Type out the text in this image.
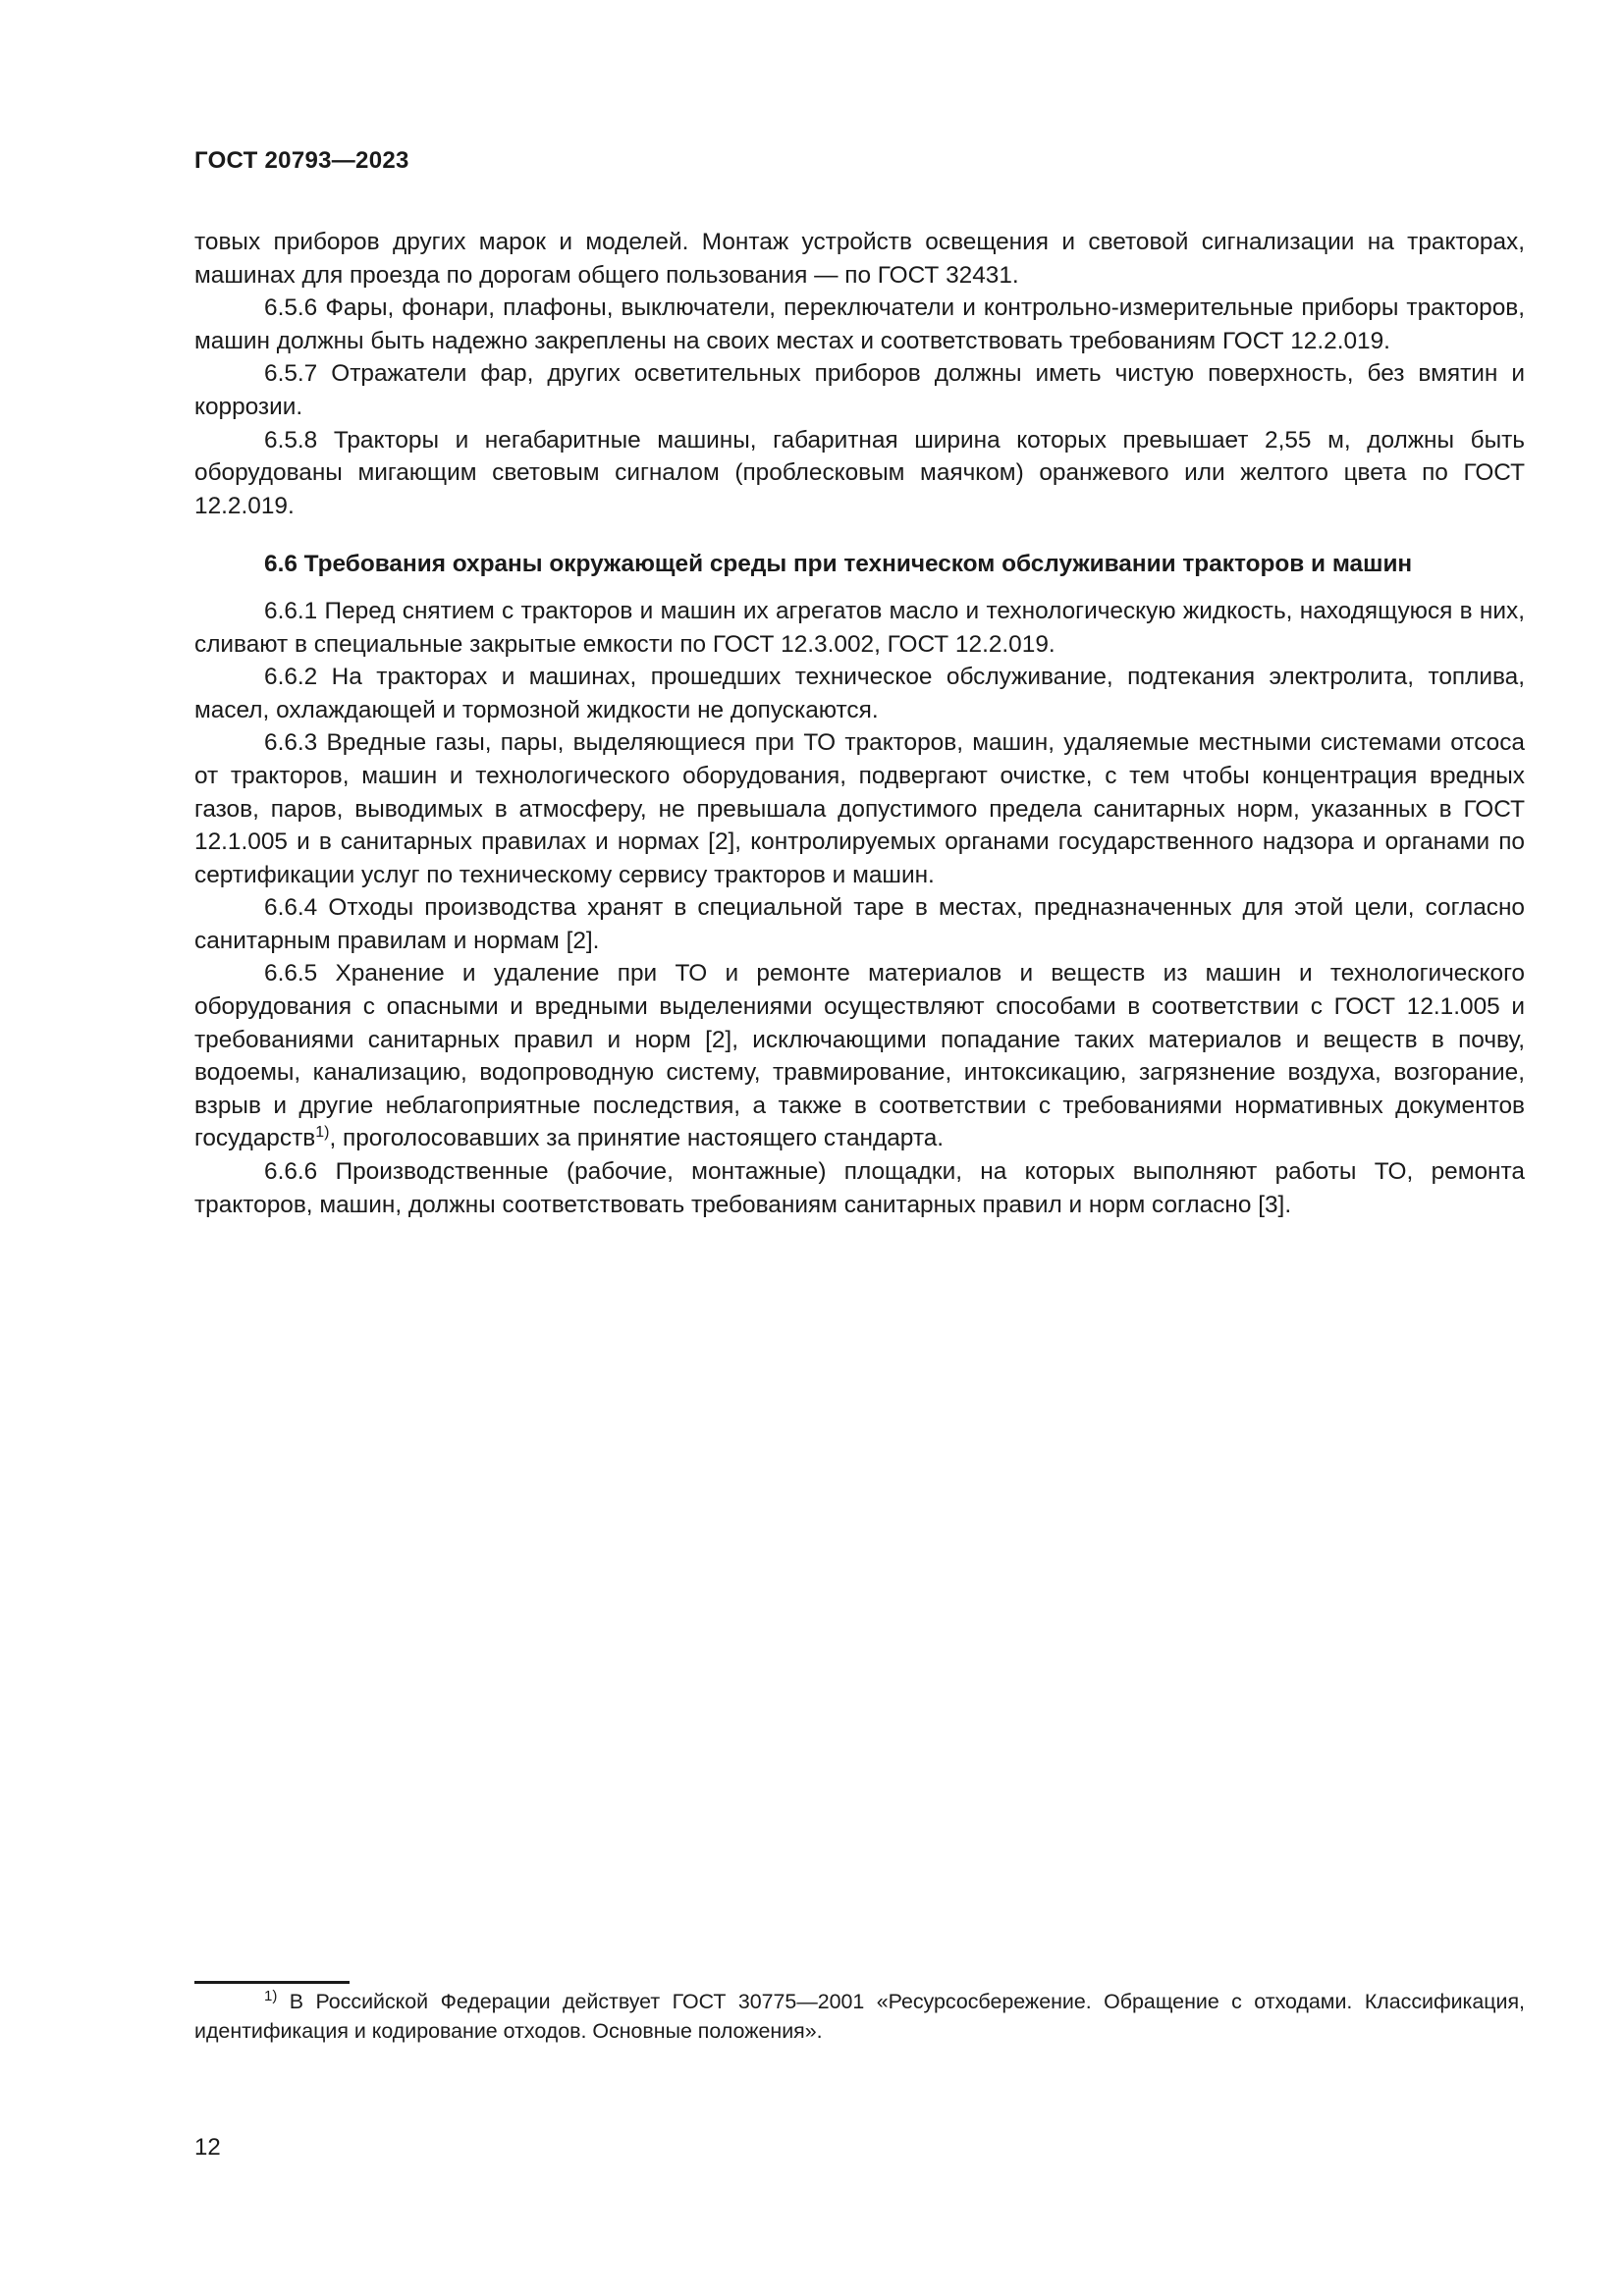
ГОСТ 20793—2023

товых приборов других марок и моделей. Монтаж устройств освещения и световой сигнализации на тракторах, машинах для проезда по дорогам общего пользования — по ГОСТ 32431.

6.5.6 Фары, фонари, плафоны, выключатели, переключатели и контрольно-измерительные приборы тракторов, машин должны быть надежно закреплены на своих местах и соответствовать требованиям ГОСТ 12.2.019.

6.5.7 Отражатели фар, других осветительных приборов должны иметь чистую поверхность, без вмятин и коррозии.

6.5.8 Тракторы и негабаритные машины, габаритная ширина которых превышает 2,55 м, должны быть оборудованы мигающим световым сигналом (проблесковым маячком) оранжевого или желтого цвета по ГОСТ 12.2.019.

6.6 Требования охраны окружающей среды при техническом обслуживании тракторов и машин

6.6.1 Перед снятием с тракторов и машин их агрегатов масло и технологическую жидкость, находящуюся в них, сливают в специальные закрытые емкости по ГОСТ 12.3.002, ГОСТ 12.2.019.

6.6.2 На тракторах и машинах, прошедших техническое обслуживание, подтекания электролита, топлива, масел, охлаждающей и тормозной жидкости не допускаются.

6.6.3 Вредные газы, пары, выделяющиеся при ТО тракторов, машин, удаляемые местными системами отсоса от тракторов, машин и технологического оборудования, подвергают очистке, с тем чтобы концентрация вредных газов, паров, выводимых в атмосферу, не превышала допустимого предела санитарных норм, указанных в ГОСТ 12.1.005 и в санитарных правилах и нормах [2], контролируемых органами государственного надзора и органами по сертификации услуг по техническому сервису тракторов и машин.

6.6.4 Отходы производства хранят в специальной таре в местах, предназначенных для этой цели, согласно санитарным правилам и нормам [2].

6.6.5 Хранение и удаление при ТО и ремонте материалов и веществ из машин и технологического оборудования с опасными и вредными выделениями осуществляют способами в соответствии с ГОСТ 12.1.005 и требованиями санитарных правил и норм [2], исключающими попадание таких материалов и веществ в почву, водоемы, канализацию, водопроводную систему, травмирование, интоксикацию, загрязнение воздуха, возгорание, взрыв и другие неблагоприятные последствия, а также в соответствии с требованиями нормативных документов государств$^{1)}$, проголосовавших за принятие настоящего стандарта.

6.6.6 Производственные (рабочие, монтажные) площадки, на которых выполняют работы ТО, ремонта тракторов, машин, должны соответствовать требованиям санитарных правил и норм согласно [3].

$^{1)}$ В Российской Федерации действует ГОСТ 30775—2001 «Ресурсосбережение. Обращение с отходами. Классификация, идентификация и кодирование отходов. Основные положения».

12
